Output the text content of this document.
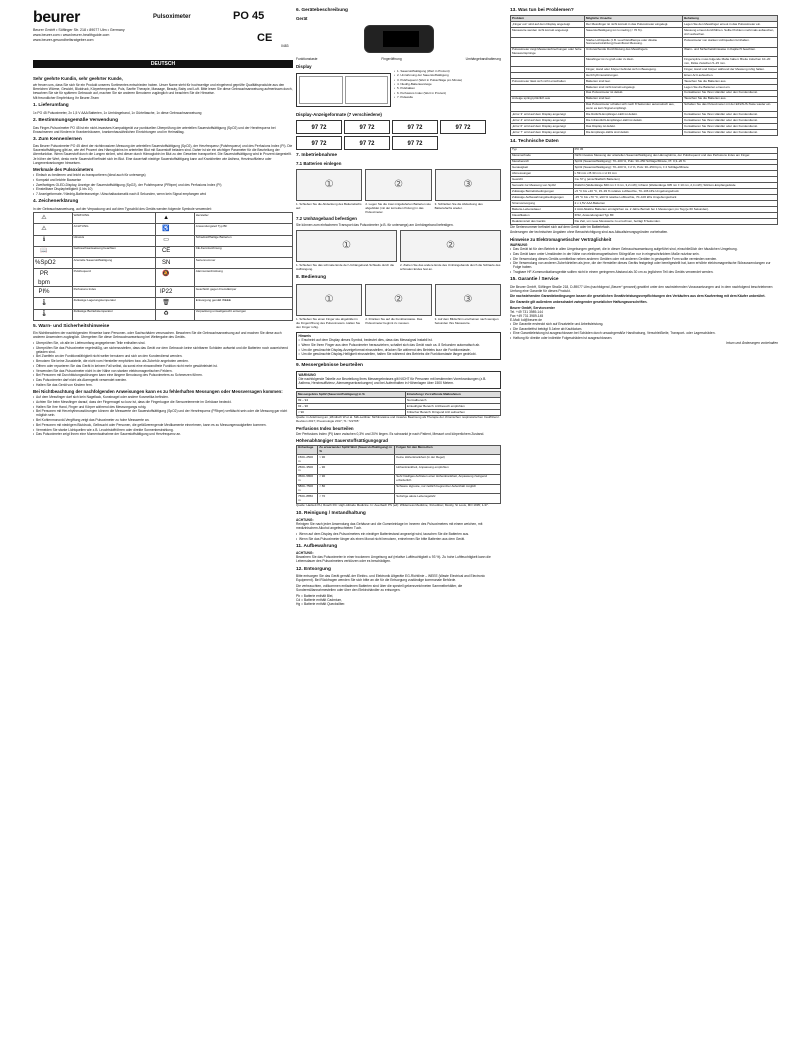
beurer	Pulsoximeter	PO 45
Beurer GmbH • Söflinger Str. 218 • 89077 Ulm • Germany
www.beurer.com • www.beurer-healthguide.com
www.beurer-gesundheitsratgeber.com	CE
0483
DEUTSCH
Sehr geehrte Kundin, sehr geehrter Kunde,

wir freuen uns, dass Sie sich für ein Produkt unseres Sortimentes entschieden haben. Unser Name steht für hochwertige und eingehend geprüfte Qualitätsprodukte aus den Bereichen Wärme, Gewicht, Blutdruck, Körpertemperatur, Puls, Sanfte Therapie, Massage, Beauty, Baby und Luft. Bitte lesen Sie diese Gebrauchsanweisung aufmerksam durch, bewahren Sie sie für späteren Gebrauch auf, machen Sie sie anderen Benutzern zugänglich und beachten Sie die Hinweise.

Mit freundlicher Empfehlung Ihr Beurer-Team

1. Lieferumfang

1x PO 45 Pulsoximeter, 2x 1,5 V AAA Batterien, 1x Umhängeband, 1x Gürteltasche, 1x diese Gebrauchsanweisung

2. Bestimmungsgemäße Verwendung

Das Finger-Pulsoximeter PO 45 ist ein nicht-invasives Kompaktgerät zur punktuellen Überprüfung der arteriellen Sauerstoffsättigung (SpO2) und der Herzfrequenz bei Erwachsenen und Kindern in Krankenhäusern, krankenhausähnlichen Einrichtungen und im Heimalltag.

3. Zum Kennenlernen

Das Beurer Pulsoximeter PO 45 dient der nichtinvasiven Messung der arteriellen Sauerstoffsättigung (SpO2), der Herzfrequenz (Pulsfrequenz) und des Perfusions Index (PI). Die Sauerstoffsättigung gibt an, wie viel Prozent des Hämoglobins im arteriellen Blut mit Sauerstoff beladen sind. Daher ist sie ein wichtiger Parameter für die Beurteilung der Atemfunktion. Wenn Sauerstoff durch die Lungen strömt, wird dieser durch Hämoglobin im Blut zu den Geweben transportiert. Die Sauerstoffsättigung wird in Prozent dargestellt. Je höher der Wert, desto mehr Sauerstoff befindet sich im Blut. Eine dauerhaft niedrige Sauerstoffsättigung kann auf Krankheiten wie Asthma, Herzinsuffizienz oder Lungenerkrankungen hinweisen.

Merkmale des Pulsoximeters
• Einfach zu bedienen und leicht zu transportieren (ideal auch für unterwegs)
• Kompakt und leichte Bauweise
• Zweifarbiges OLED-Display, Anzeige der Sauerstoffsättigung (SpO2), der Pulsfrequenz (PRbpm) und des Perfusions Index (PI)
• Einstellbare Displayhelligkeit (1 bis 10)
• 7 Anzeigeformate / Niedrig-Batterieanzeige / Abschaltautomatik nach 8 Sekunden, wenn kein Signal empfangen wird
4. Zeichenerklärung

In der Gebrauchsanweisung, auf der Verpackung und auf dem Typschild des Geräts werden folgende Symbole verwendet:

⚠	WARNUNG	▲	Hersteller
⚠	ACHTUNG	♿	Anwendungsteil Typ BF
ℹ	Hinweis	▭	Schadstoffhaltige Batterien
📖	Gebrauchsanweisung beachten	CE	CE-Kennzeichnung
%SpO2	Arterielle Sauerstoffsättigung	SN	Seriennummer
PR bpm	Pulsfrequenz	🔕	Alarmunterdrückung
PI%	Perfusions Index	IP22	Geschützt gegen Fremdkörper
🌡	Zulässige Lagerungstemperatur	🗑	Entsorgung gemäß WEEE
🌡	Zulässige Betriebstemperatur	♻	Verpackung umweltgerecht entsorgen
5. Warn- und Sicherheitshinweise

Ein Nichtbeachten der nachfolgenden Hinweise kann Personen- oder Sachschäden verursachen. Bewahren Sie die Gebrauchsanweisung auf und machen Sie diese auch anderen Anwendern zugänglich. Übergeben Sie diese Gebrauchsanweisung bei Weitergabe des Geräts.

• Überprüfen Sie, ob alle im Lieferumfang angegebenen Teile enthalten sind.
• Überprüfen Sie das Pulsoximeter regelmäßig, um sicherzustellen, dass das Gerät vor dem Gebrauch keine sichtbaren Schäden aufweist und die Batterien noch ausreichend geladen sind.
• Bei Zweifeln an der Funktionsfähigkeit nicht weiter benutzen und sich an den Kundendienst wenden.
• Benutzen Sie keine Zusatzteile, die nicht vom Hersteller empfohlen bzw. als Zubehör angeboten werden.
• Öffnen oder reparieren Sie das Gerät in keinem Fall selbst, da sonst eine einwandfreie Funktion nicht mehr gewährleistet ist.
• Verwenden Sie das Pulsoximeter nicht in der Nähe von starken elektromagnetischen Feldern.
• Bei Personen mit Durchblutungsstörungen kann eine längere Benutzung des Pulsoximeters zu Schmerzen führen.
• Das Pulsoximeter darf nicht als Alarmgerät verwendet werden.
• Halten Sie das Gerät von Kindern fern.
Bei Nichtbeachtung der nachfolgenden Anweisungen kann es zu fehlerhaften Messungen oder Messversagen kommen:
• Auf dem Messfinger darf sich kein Nagellack, Kunstnagel oder andere Kosmetika befinden.
• Achten Sie beim Messfinger darauf, dass der Fingernagel so kurz ist, dass die Fingerkuppe die Sensorelemente im Gehäuse bedeckt.
• Halten Sie Ihre Hand, Finger und Körper während des Messvorgangs ruhig.
• Bei Personen mit Herzrhythmusstörungen können die Messwerte der Sauerstoffsättigung (SpO2) und der Herzfrequenz (PRbpm) verfälscht sein oder die Messung gar nicht möglich sein.
• Bei Kohlenmonoxid-Vergiftung zeigt das Pulsoximeter zu hohe Messwerte an.
• Bei Personen mit niedrigem Blutdruck, Gelbsucht oder Personen, die gefäßverengende Medikamente einnehmen, kann es zu Messungenauigkeiten kommen.
• Vermeiden Sie starke Lichtquellen wie z.B. Leuchtstoffröhren oder direkte Sonnenbestrahlung.
• Das Pulsoximeter zeigt Ihnen eine Momentaufnahme der Sauerstoffsättigung und Herzfrequenz an.
6. Gerätebeschreibung
Gerät
Funktionstaste	Fingeröffnung	Umhängebandhalterung
Display
• 1. Sauerstoffsättigung (Wert in Prozent)
• 2. Umrahmung der Sauerstoffsättigung
• 3. Pulsfrequenz (Wert in Pulsschläge pro Minute)
• 4. Niedrig-Batterieanzeige
• 5. Pulsbalken
• 6. Perfusions Index (Wert in Prozent)
• 7. Pulswelle
Display-Anzeigeformate (7 verschiedene)
97 72	97 72	97 72	97 72
97 72	97 72	97 72
7. Inbetriebnahme
7.1 Batterien einlegen
①	②	③
1. Schieben Sie die Abdeckung des Batteriefachs auf.
2. Legen Sie die zwei mitgelieferten Batterien wie abgebildet (mit der korrekten Polung) in das Pulsoximeter.
3. Schließen Sie die Abdeckung des Batteriefachs wieder.
7.2 Umhängeband befestigen

Sie können zum einfacheren Transport das Pulsoximeter (z.B. für unterwegs) am Umhängeband befestigen.

①	②
1. Schieben Sie das schmale Ende der Umhängeband-Schlaufe durch die Aufhängung.
2. Ziehen Sie das andere Ende des Umhängebands durch die Schlaufe des schmalen Endes fest an.
8. Bedienung
①	②	③
1. Schieben Sie einen Finger wie abgebildet in die Fingeröffnung des Pulsoximeters. Halten Sie den Finger ruhig.
2. Drücken Sie auf die Funktionstaste. Das Pulsoximeter beginnt zu messen.
3. Auf dem Bildschirm erscheinen nach wenigen Sekunden Ihre Messwerte.
Hinweis
• Erscheint auf dem Display dieses Symbol, bedeutet dies, dass das Messsignal instabil ist.
• Wenn Sie Ihren Finger aus dem Pulsoximeter herausziehen, schaltet sich das Gerät nach ca. 8 Sekunden automatisch ab.
• Um die gewünschte Display-Anzeigeformat einzustellen, drücken Sie während des Betriebs kurz die Funktionstaste.
• Um die gewünschte Display-Helligkeit einzustellen, halten Sie während des Betriebs die Funktionstaste länger gedrückt.
9. Messergebnisse beurteilen
WARNUNG

Die nachfolgende Tabelle zur Beurteilung Ihres Messergebnisses gilt NICHT für Personen mit bestimmten Vorerkrankungen (z.B. Asthma, Herzinsuffizienz, Atemwegserkrankungen) und bei Aufenthalten in Höhenlagen über 1500 Metern.

Messergebnis SpO2 (Sauerstoffsättigung) in %	Einstufung / Zu treffende Maßnahmen
99 – 94	Normalbereich
93 – 90	Erniedrigter Bereich: Arztbesuch empfohlen
< 90	Kritischer Bereich: Dringend Arzt aufsuchen

Quelle: in Anlehnung an „Windisch W et al. S2k-Leitlinie: Nichtinvasive und invasive Beatmung als Therapie der chronischen respiratorischen Insuffizienz. Revision 2017; Pneumologie 2017; 71: 722795“

Perfusions Index beurteilen

Der Perfusions Index (PI) kann zwischen 0,3% und 20% liegen. Es schwankt je nach Patient, Messort und körperlichem Zustand.

Höhenabhängiger Sauerstoffsättigungsgrad
Höhenlage	Zu erwartender SpO2-Wert (Sauerstoffsättigung) in %	Folgen für den Menschen
1500–2500 m	> 90	Keine Höhenkrankheit (in der Regel)
2500–3500 m	~ 90	Höhenkrankheit, Anpassung empfohlen
3500–5800 m	< 90	Sehr häufiges Auftreten einer Höhenkrankheit, Anpassung zwingend erforderlich
5800–7500 m	< 80	Schwere Hypoxie, nur zeitlich begrenzter Aufenthalt möglich
7500–8850 m	< 70	Sofortige akute Lebensgefahr

Quelle: Hackett PH, Roach RC: High-Altitude Medicine. In: Auerbach PS (ed): Wilderness Medicine, 3rd edition; Mosby, St Louis, MO 1995; 1-37.

10. Reinigung / Instandhaltung
ACHTUNG:

Reinigen Sie nach jeder Anwendung das Gehäuse und die Gummieinlage im Inneren des Pulsoximeters mit einem weichen, mit medizinischem Alkohol angefeuchteten Tuch.

• Wenn auf dem Display des Pulsoximeters ein niedriger Batteriestand angezeigt wird, tauschen Sie die Batterien aus.
• Wenn Sie das Pulsoximeter länger als einen Monat nicht benutzen, entnehmen Sie bitte Batterien aus dem Gerät.
11. Aufbewahrung
ACHTUNG:

Bewahren Sie das Pulsoximeter in einer trockenen Umgebung auf (relative Luftfeuchtigkeit ≤ 93 %). Zu hohe Luftfeuchtigkeit kann die Lebensdauer des Pulsoximeters verkürzen oder es beschädigen.

12. Entsorgung

Bitte entsorgen Sie das Gerät gemäß der Elektro- und Elektronik Altgeräte EG-Richtlinie – WEEE (Waste Electrical and Electronic Equipment). Bei Rückfragen wenden Sie sich bitte an die für die Entsorgung zuständige kommunale Behörde.

Die verbrauchten, vollkommen entladenen Batterien sind über die speziell gekennzeichneten Sammelbehälter, die Sondermüllannahmestellen oder über den Elektrohändler zu entsorgen.

Pb = Batterie enthält Blei,
Cd = Batterie enthält Cadmium,
Hg = Batterie enthält Quecksilber.
13. Was tun bei Problemen?
Problem	Mögliche Ursache	Behebung
„Finger out“ wird auf dem Display angezeigt	Der Messfinger ist nicht korrekt in das Pulsoximeter eingelegt.	Legen Sie den Messfinger erneut in das Pulsoximeter ein.
Messwerte werden nicht korrekt angezeigt	Sauerstoffsättigung ist zu niedrig (< 70 %).	Messung erneut durchführen. Sollte Problem mehrmals auftauchen, Arzt aufsuchen.
	Starke Lichtquelle (z.B. Leuchtstofflampe oder direkte Sonneneinstrahlung) beeinflusst Messung.	Pulsoximeter von starken Lichtquellen fernhalten.
Pulsoximeter zeigt Messunterbrechungen oder hohe Messwertsprünge	Unzureichende Durchblutung des Messfingers.	Warm- und Sicherheitshinweise in Kapitel 5 beachten.
	Messfinger ist zu groß oder zu klein.	Fingerspitze muss folgende Maße haben: Breite zwischen 10–20 mm, Dicke zwischen 5–15 mm.
	Finger, Hand oder Körper befindet sich in Bewegung.	Finger, Hand und Körper während der Messung ruhig halten.
	Herzrhythmusstörungen.	Einen Arzt aufsuchen.
Pulsoximeter lässt sich nicht einschalten	Batterien sind leer.	Tauschen Sie die Batterien aus.
	Batterien sind nicht korrekt eingelegt.	Legen Sie die Batterien erneut ein.
	Das Pulsoximeter ist defekt.	Kontaktieren Sie Ihren Händler oder den Kundendienst.
Anzeige springt plötzlich aus	Batterien sind leer.	Tauschen Sie die Batterien aus.
	Das Pulsoximeter schaltet sich nach 8 Sekunden automatisch aus, wenn es kein Signal empfängt.	Schalten Sie das Pulsoximeter mit der EIN/AUS-Taste wieder ein.
„Error 3“ wird auf dem Display angezeigt	Die Rotlicht-Empfänger-LED ist defekt.	Kontaktieren Sie Ihren Händler oder den Kundendienst.
„Error 4“ wird auf dem Display angezeigt	Die Infrarotlicht-Empfänger-LED ist defekt.	Kontaktieren Sie Ihren Händler oder den Kundendienst.
„Error 6“ wird auf dem Display angezeigt	Das Display ist defekt.	Kontaktieren Sie Ihren Händler oder den Kundendienst.
„Error 7“ wird auf dem Display angezeigt	Die Empfangs-LEDs sind defekt.	Kontaktieren Sie Ihren Händler oder den Kundendienst.
14. Technische Daten
Typ	PO 45
Messmethode	Nicht invasive Messung der arteriellen Sauerstoffsättigung des Hämoglobins, der Pulsfrequenz und des Perfusions Index am Finger.
Messbereich	SpO2 (Sauerstoffsättigung): 70–100 %, Puls: 30–250 Schläge/Minute, PI: 0,3–20 %
Genauigkeit	SpO2 (Sauerstoffsättigung): 70–100 %, ± 2 %, Puls: 30–250 bpm, ± 2 Schläge/Minute
Abmessungen	L 59 mm x B 33 mm x H 33 mm
Gewicht	Ca. 57 g (einschließlich Batterien)
Sensorik zur Messung von SpO2	Rotlicht (Wellenlänge 660 nm ± 3 nm, 3,2 mW); Infrarot (Wellenlänge 905 nm ± 10 nm, 2,4 mW); Silizium-Empfangsdiode
Zulässige Betriebsbedingungen	+5 °C bis +40 °C, 15–93 % relative Luftfeuchte, 70–106 kPa Umgebungsdruck
Zulässige Aufbewahrungsbedingungen	-25 °C bis +70 °C, ≤93 % relative Luftfeuchte, 70–106 kPa Umgebungsdruck
Stromversorgung	2 x 1,5V AAA Batterien
Batterie-Lebensdauer	2 AAA Alkaline Batterien ermöglichen ca. 2 Jahre Betrieb bei 1 Messungen pro Tag (je 60 Sekunden).
Klassifikation	IP22, Anwendungsteil Typ BF
Reaktionszeit des Geräts	Die Zeit, um neue Messwerte zu errechnen, beträgt 8 Sekunden.

Die Seriennummer befindet sich auf dem Gerät oder im Batteriefach.

Änderungen der technischen Angaben ohne Benachrichtigung sind aus Aktualisierungsgründen vorbehalten.

Hinweise zu Elektromagnetischer Verträglichkeit
WARNUNG
• Das Gerät ist für den Betrieb in allen Umgebungen geeignet, die in dieser Gebrauchsanweisung aufgeführt sind, einschließlich der häuslichen Umgebung.
• Das Gerät kann unter Umständen in der Nähe von elektromagnetischen Störgrößen nur in eingeschränktem Maße nutzbar sein.
• Die Verwendung dieses Geräts unmittelbar neben anderen Geräten oder mit anderen Geräten in gestapelter Form sollte vermieden werden.
• Die Verwendung von anderen Zubehörteilen als jene, die der Hersteller dieses Geräts festgelegt oder bereitgestellt hat, kann erhöhte elektromagnetische Störaussendungen zur Folge haben.
• Tragbare HF-Kommunikationsgeräte sollten nicht in einem geringeren Abstand als 30 cm zu jeglichem Teil des Geräts verwendet werden.
15. Garantie / Service

Die Beurer GmbH, Söflinger Straße 218, D-89077 Ulm (nachfolgend „Beurer“ genannt) gewährt unter den nachstehenden Voraussetzungen und in dem nachfolgend beschriebenen Umfang eine Garantie für dieses Produkt.

Die nachstehenden Garantiebedingungen lassen die gesetzlichen Gewährleistungsverpflichtungen des Verkäufers aus dem Kaufvertrag mit dem Käufer unberührt.

Die Garantie gilt außerdem unbeschadet zwingender gesetzlicher Haftungsvorschriften.

Beurer GmbH, Servicecenter
Tel. +49 731 3989-144
Fax +49 731 3989-145
E-Mail: kd@beurer.de
• Die Garantie erstreckt sich auf Ersatzteile und Arbeitsleistung.
• Die Garantiefrist beträgt 5 Jahre ab Kaufdatum.
• Eine Garantieleistung ist ausgeschlossen bei Schäden durch unsachgemäße Handhabung, Verschleißteile, Transport- oder Lagerschäden.
• Haftung für direkte oder indirekte Folgeschäden ist ausgeschlossen.

Irrtum und Änderungen vorbehalten
